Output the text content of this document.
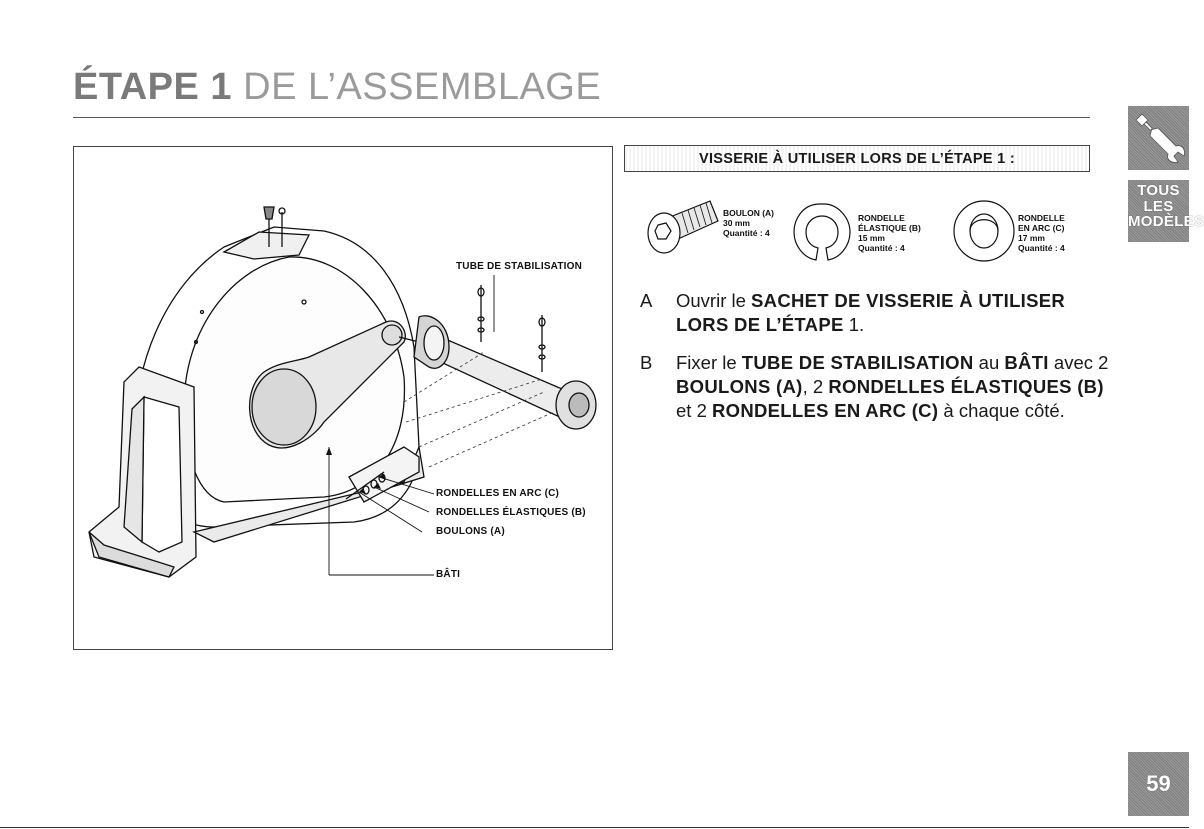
ÉTAPE 1 DE L’ASSEMBLAGE
TUBE DE STABILISATION
RONDELLES EN ARC (C)
RONDELLES ÉLASTIQUES (B)
BOULONS (A)
BÂTI
VISSERIE À UTILISER LORS DE L’ÉTAPE 1 :
BOULON (A)
30 mm
Quantité : 4
RONDELLE
ÉLASTIQUE (B)
15 mm
Quantité : 4
RONDELLE
EN ARC (C)
17 mm
Quantité : 4
A Ouvrir le SACHET DE VISSERIE À UTILISER LORS DE L’ÉTAPE 1.
B Fixer le TUBE DE STABILISATION au BÂTI avec 2 BOULONS (A), 2 RONDELLES ÉLASTIQUES (B) et 2 RONDELLES EN ARC (C) à chaque côté.
TOUS
LES
MODÈLES
59
